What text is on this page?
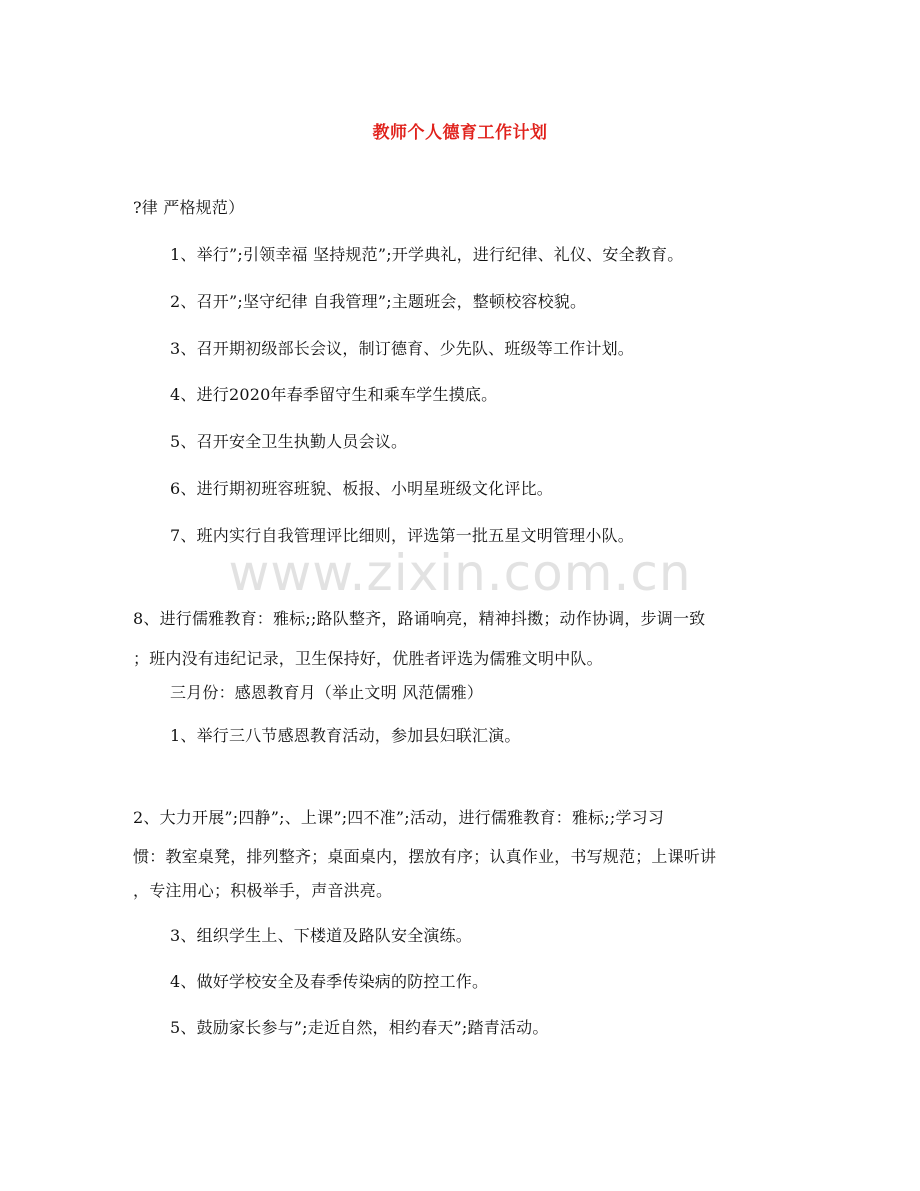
教师个人德育工作计划
www.zixin.com.cn
?律 严格规范）
1、举行”;引领幸福 坚持规范”;开学典礼，进行纪律、礼仪、安全教育。
2、召开”;坚守纪律 自我管理”;主题班会，整顿校容校貌。
3、召开期初级部长会议，制订德育、少先队、班级等工作计划。
4、进行2020年春季留守生和乘车学生摸底。
5、召开安全卫生执勤人员会议。
6、进行期初班容班貌、板报、小明星班级文化评比。
7、班内实行自我管理评比细则，评选第一批五星文明管理小队。
8、进行儒雅教育：雅标;;路队整齐，路诵响亮，精神抖擞；动作协调，步调一致
；班内没有违纪记录，卫生保持好，优胜者评选为儒雅文明中队。
三月份：感恩教育月（举止文明 风范儒雅）
1、举行三八节感恩教育活动，参加县妇联汇演。
2、大力开展”;四静”;、上课”;四不准”;活动，进行儒雅教育：雅标;;学习习
惯：教室桌凳，排列整齐；桌面桌内，摆放有序；认真作业，书写规范；上课听讲
，专注用心；积极举手，声音洪亮。
3、组织学生上、下楼道及路队安全演练。
4、做好学校安全及春季传染病的防控工作。
5、鼓励家长参与”;走近自然，相约春天”;踏青活动。
